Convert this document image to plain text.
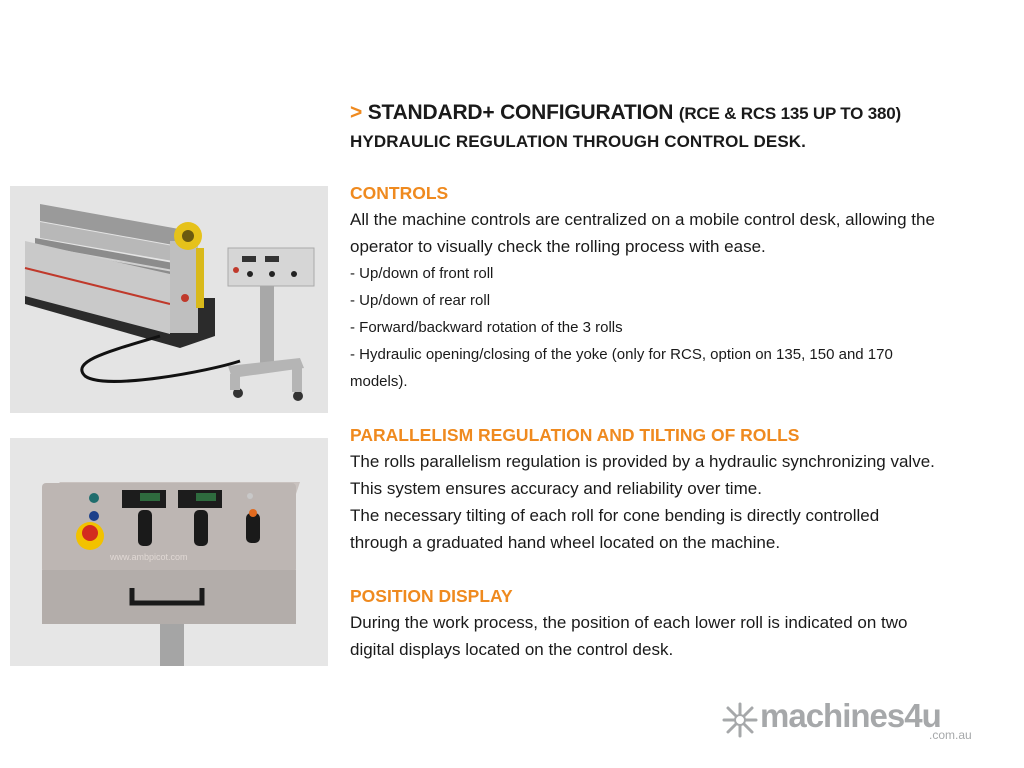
www.ambpicot.com

> STANDARD+ CONFIGURATION (RCE & RCS 135 UP TO 380)

HYDRAULIC REGULATION THROUGH CONTROL DESK.

CONTROLS

All the machine controls are centralized on a mobile control desk, allowing the

operator to visually check the rolling process with ease.

- Up/down of front roll
- Up/down of rear roll
- Forward/backward rotation of the 3 rolls
- Hydraulic opening/closing of the yoke (only for RCS, option on 135, 150 and 170
models).

PARALLELISM REGULATION AND TILTING OF ROLLS

The rolls parallelism regulation is provided by a hydraulic synchronizing valve.

This system ensures accuracy and reliability over time.

The necessary tilting of each roll for cone bending is directly controlled

through a graduated hand wheel located on the machine.

POSITION DISPLAY

During the work process, the position of each lower roll is indicated on two

digital displays located on the control desk.

machines4u
.com.au
